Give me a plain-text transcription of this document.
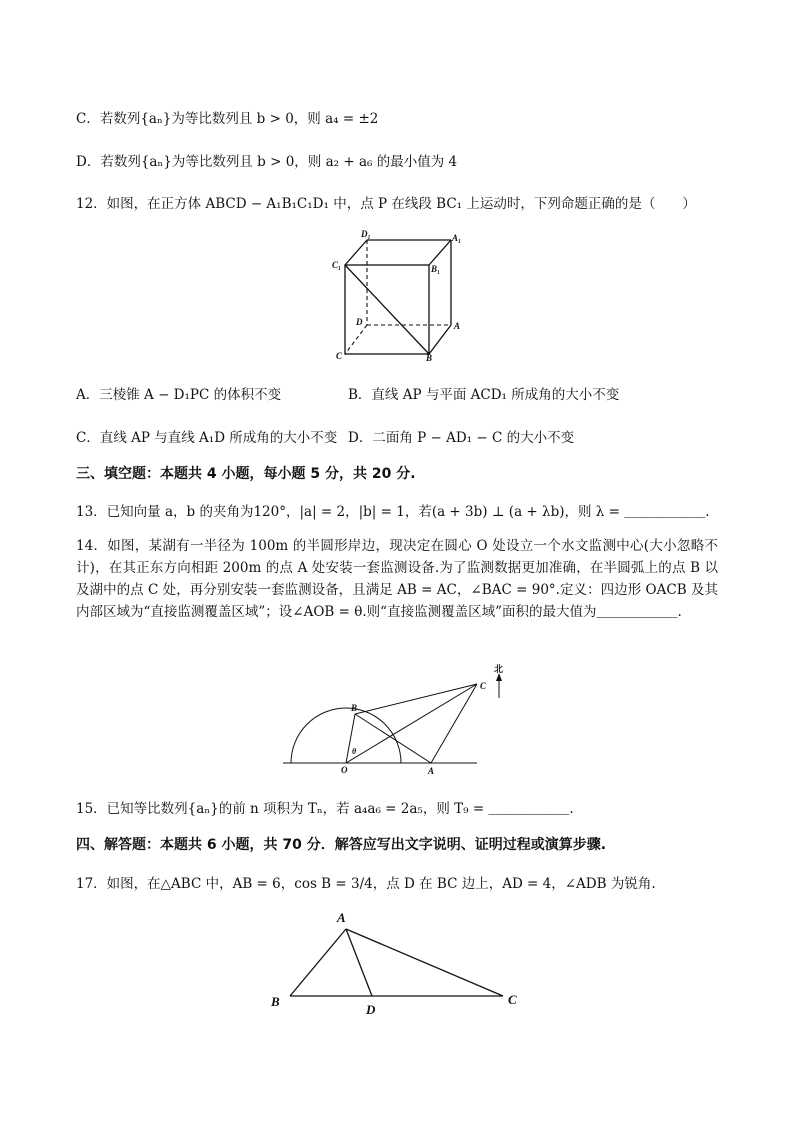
C．若数列{aₙ}为等比数列且 b > 0，则 a₄ = ±2
D．若数列{aₙ}为等比数列且 b > 0，则 a₂ + a₆ 的最小值为 4
12．如图，在正方体 ABCD − A₁B₁C₁D₁ 中，点 P 在线段 BC₁ 上运动时，下列命题正确的是（　　）
D₁	A₁
C₁	B₁
D	A
C	B
A．三棱锥 A − D₁PC 的体积不变	B．直线 AP 与平面 ACD₁ 所成角的大小不变
C．直线 AP 与直线 A₁D 所成角的大小不变 D．二面角 P − AD₁ − C 的大小不变
三、填空题：本题共 4 小题，每小题 5 分，共 20 分.
13．已知向量 a，b 的夹角为120°，|a| = 2，|b| = 1，若(a + 3b) ⊥ (a + λb)，则 λ = ＿＿＿＿＿＿.
14．如图，某湖有一半径为 100m 的半圆形岸边，现决定在圆心 O 处设立一个水文监测中心(大小忽略不计)，在其正东方向相距 200m 的点 A 处安装一套监测设备.为了监测数据更加准确，在半圆弧上的点 B 以及湖中的点 C 处，再分别安装一套监测设备，且满足 AB = AC，∠BAC = 90°.定义：四边形 OACB 及其内部区域为“直接监测覆盖区域”；设∠AOB = θ.则“直接监测覆盖区域”面积的最大值为＿＿＿＿＿＿.
北
C
B
θ
O	A
15．已知等比数列{aₙ}的前 n 项积为 Tₙ，若 a₄a₆ = 2a₅，则 T₉ = ＿＿＿＿＿＿.
四、解答题：本题共 6 小题，共 70 分．解答应写出文字说明、证明过程或演算步骤.
17．如图，在△ABC 中，AB = 6，cos B = 3/4，点 D 在 BC 边上，AD = 4，∠ADB 为锐角.
A
B
D
C
